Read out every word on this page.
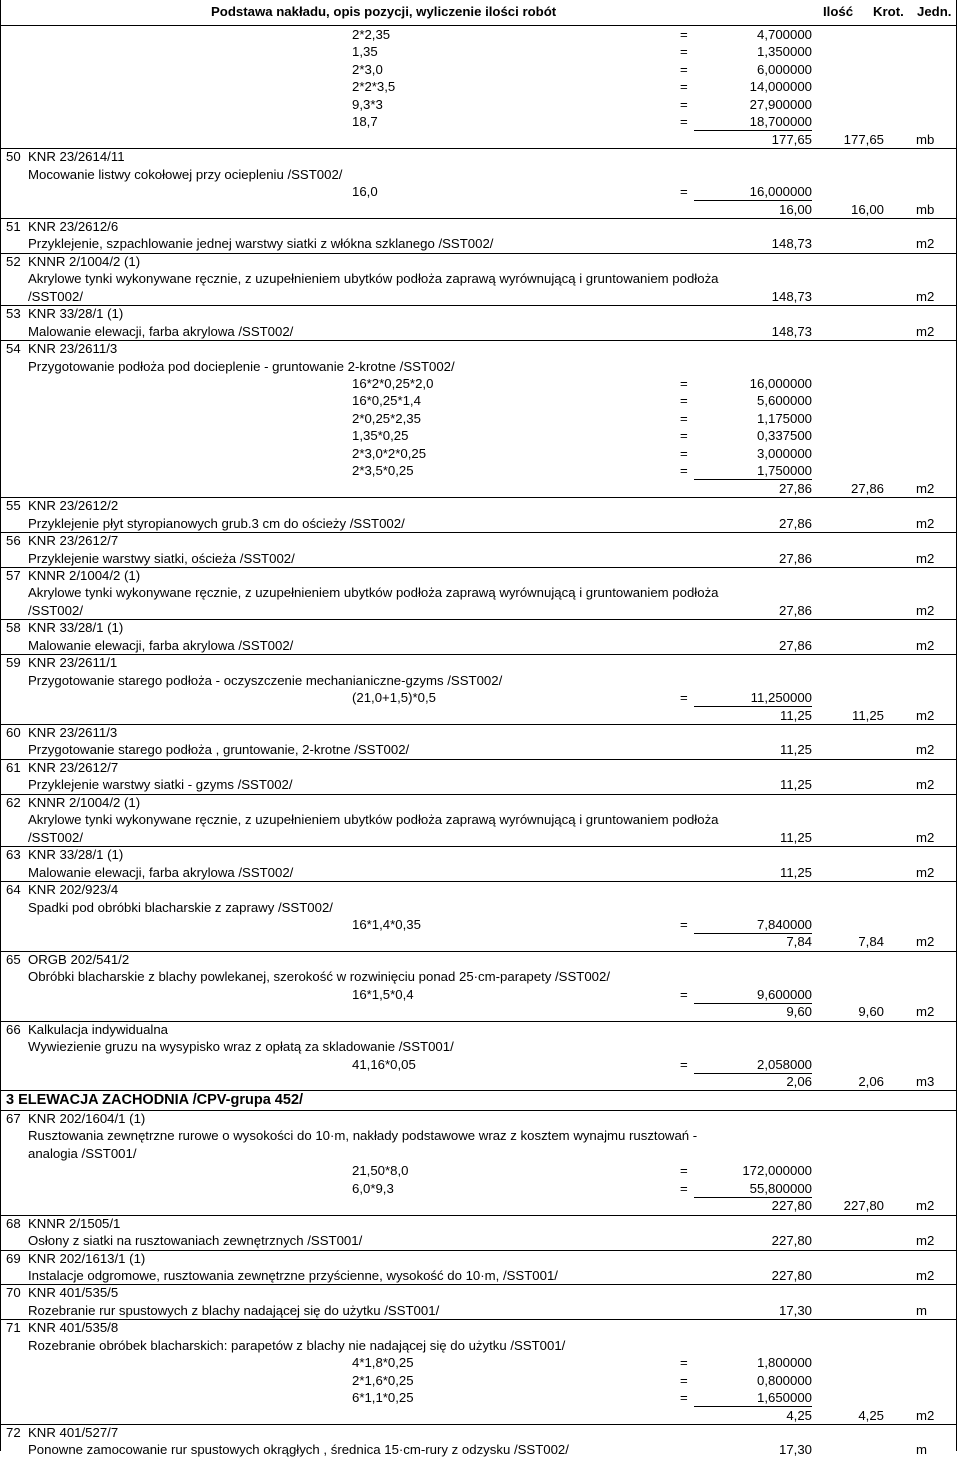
Podstawa nakładu, opis pozycji, wyliczenie ilości robót	Ilość Krot. Jedn.
2*2,35	=	4,700000
1,35	=	1,350000
2*3,0	=	6,000000
2*2*3,5	=	14,000000
9,3*3	=	27,900000
18,7	=	18,700000
177,65 177,65 mb
50 KNR 23/2614/11
Mocowanie listwy cokołowej przy ociepleniu /SST002/
16,0	=	16,000000
16,00	16,00 mb
51 KNR 23/2612/6
Przyklejenie, szpachlowanie jednej warstwy siatki z włókna szklanego /SST002/	148,73	m2
52 KNNR 2/1004/2 (1)
Akrylowe tynki wykonywane ręcznie, z uzupełnieniem ubytków podłoża zaprawą wyrównującą i gruntowaniem podłoża
/SST002/	148,73	m2
53 KNR 33/28/1 (1)
Malowanie elewacji, farba akrylowa /SST002/	148,73	m2
54 KNR 23/2611/3
Przygotowanie podłoża pod docieplenie - gruntowanie 2-krotne /SST002/
16*2*0,25*2,0	=	16,000000
16*0,25*1,4	=	5,600000
2*0,25*2,35	=	1,175000
1,35*0,25	=	0,337500
2*3,0*2*0,25	=	3,000000
2*3,5*0,25	=	1,750000
27,86	27,86 m2
55 KNR 23/2612/2
Przyklejenie płyt styropianowych grub.3 cm do ościeży /SST002/	27,86	m2
56 KNR 23/2612/7
Przyklejenie warstwy siatki, ościeża /SST002/	27,86	m2
57 KNNR 2/1004/2 (1)
Akrylowe tynki wykonywane ręcznie, z uzupełnieniem ubytków podłoża zaprawą wyrównującą i gruntowaniem podłoża
/SST002/	27,86	m2
58 KNR 33/28/1 (1)
Malowanie elewacji, farba akrylowa /SST002/	27,86	m2
59 KNR 23/2611/1
Przygotowanie starego podłoża - oczyszczenie mechanianiczne-gzyms /SST002/
(21,0+1,5)*0,5	=	11,250000
11,25	11,25 m2
60 KNR 23/2611/3
Przygotowanie starego podłoża , gruntowanie, 2-krotne /SST002/	11,25	m2
61 KNR 23/2612/7
Przyklejenie warstwy siatki - gzyms /SST002/	11,25	m2
62 KNNR 2/1004/2 (1)
Akrylowe tynki wykonywane ręcznie, z uzupełnieniem ubytków podłoża zaprawą wyrównującą i gruntowaniem podłoża
/SST002/	11,25	m2
63 KNR 33/28/1 (1)
Malowanie elewacji, farba akrylowa /SST002/	11,25	m2
64 KNR 202/923/4
Spadki pod obróbki blacharskie z zaprawy /SST002/
16*1,4*0,35	=	7,840000
7,84	7,84 m2
65 ORGB 202/541/2
Obróbki blacharskie z blachy powlekanej, szerokość w rozwinięciu ponad 25·cm-parapety /SST002/
16*1,5*0,4	=	9,600000
9,60	9,60 m2
66 Kalkulacja indywidualna
Wywiezienie gruzu na wysypisko wraz z opłatą za skladowanie /SST001/
41,16*0,05	=	2,058000
2,06	2,06 m3
3 ELEWACJA ZACHODNIA /CPV-grupa 452/
67 KNR 202/1604/1 (1)
Rusztowania zewnętrzne rurowe o wysokości do 10·m, nakłady podstawowe wraz z kosztem wynajmu rusztowań -
analogia /SST001/
21,50*8,0	=	172,000000
6,0*9,3	=	55,800000
227,80 227,80 m2
68 KNNR 2/1505/1
Osłony z siatki na rusztowaniach zewnętrznych /SST001/	227,80	m2
69 KNR 202/1613/1 (1)
Instalacje odgromowe, rusztowania zewnętrzne przyścienne, wysokość do 10·m, /SST001/	227,80	m2
70 KNR 401/535/5
Rozebranie rur spustowych z blachy nadającej się do użytku /SST001/	17,30	m
71 KNR 401/535/8
Rozebranie obróbek blacharskich: parapetów z blachy nie nadającej się do użytku /SST001/
4*1,8*0,25	=	1,800000
2*1,6*0,25	=	0,800000
6*1,1*0,25	=	1,650000
4,25	4,25 m2
72 KNR 401/527/7
Ponowne zamocowanie rur spustowych okrągłych , średnica 15·cm-rury z odzysku /SST002/	17,30	m
